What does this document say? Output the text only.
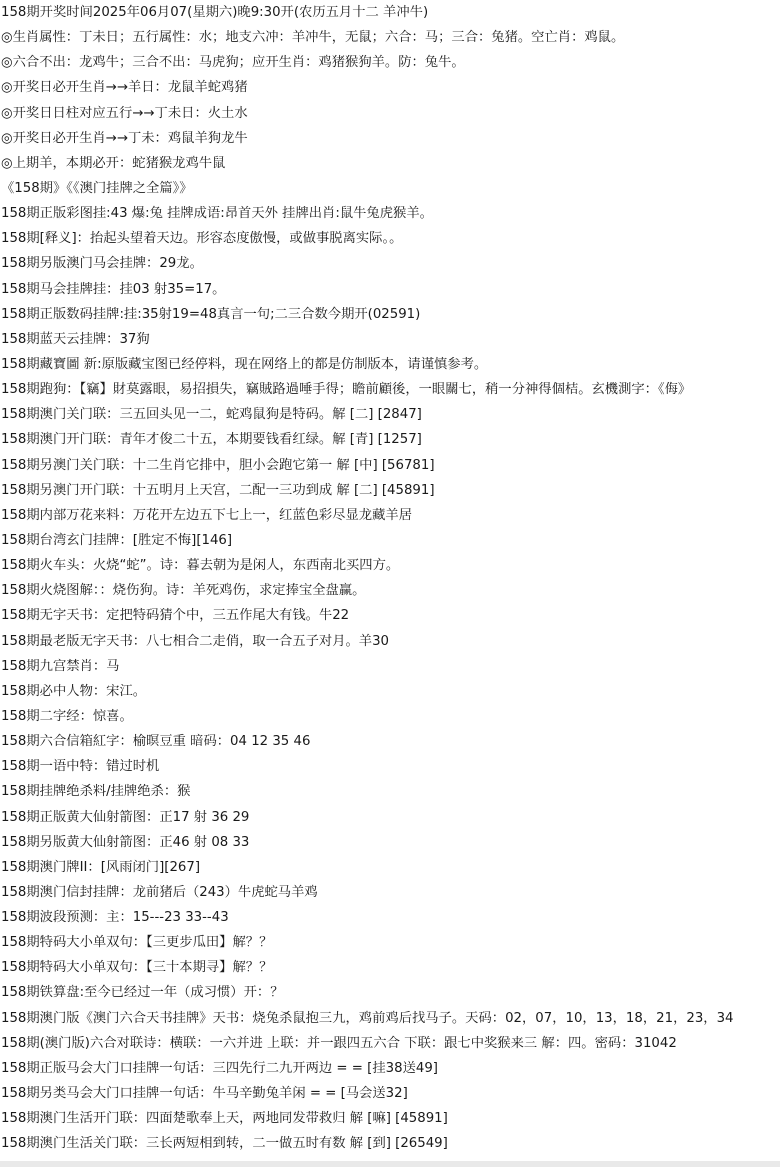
158期开奖时间2025年06月07(星期六)晚9:30开(农历五月十二 羊冲牛)
◎生肖属性：丁未日；五行属性：水；地支六冲：羊冲牛，无鼠；六合：马；三合：兔猪。空亡肖：鸡鼠。
◎六合不出：龙鸡牛；三合不出：马虎狗；应开生肖：鸡猪猴狗羊。防：兔牛。
◎开奖日必开生肖→→羊日：龙鼠羊蛇鸡猪
◎开奖日日柱对应五行→→丁未日：火土水
◎开奖日必开生肖→→丁未：鸡鼠羊狗龙牛
◎上期羊，本期必开：蛇猪猴龙鸡牛鼠
《158期》《《澳门挂牌之全篇》》
158期正版彩图挂:43 爆:兔 挂牌成语:昂首天外 挂牌出肖:鼠牛兔虎猴羊。
158期[释义]：抬起头望着天边。形容态度傲慢，或做事脱离实际。。
158期另版澳门马会挂牌：29龙。
158期马会挂牌挂：挂03 射35=17。
158期正版数码挂牌:挂:35射19=48真言一句;二三合数今期开(02591)
158期蓝天云挂牌：37狗
158期藏寶圖 新:原版藏宝图已经停料，现在网络上的都是仿制版本，请谨慎参考。
158期跑狗：【竊】財莫露眼，易招損失，竊賊路過唾手得；瞻前顧後，一眼關七，稍一分神得個桔。玄機測字：《侮》
158期澳门关门联：三五回头见一二，蛇鸡鼠狗是特码。解 [二] [2847]
158期澳门开门联：青年才俊二十五，本期要钱看红绿。解 [青] [1257]
158期另澳门关门联：十二生肖它排中，胆小会跑它第一 解 [中] [56781]
158期另澳门开门联：十五明月上天宫，二配一三功到成 解 [二] [45891]
158期内部万花来料：万花开左边五下七上一，红蓝色彩尽显龙藏羊居
158期台湾玄门挂牌：[胜定不悔][146]
158期火车头：火烧“蛇”。诗：暮去朝为是闲人，东西南北买四方。
158期火烧图解：：烧伤狗。诗：羊死鸡伤，求定捧宝全盘赢。
158期无字天书：定把特码猜个中，三五作尾大有钱。牛22
158期最老版无字天书：八七相合二走俏，取一合五子对月。羊30
158期九宫禁肖：马
158期必中人物：宋江。
158期二字经：惊喜。
158期六合信箱紅字：榆暝豆重 暗码：04 12 35 46
158期一语中特：错过时机
158期挂牌绝杀料/挂牌绝杀：猴
158期正版黄大仙射箭图：正17 射 36 29
158期另版黄大仙射箭图：正46 射 08 33
158期澳门牌II：[风雨闭门][267]
158期澳门信封挂牌：龙前猪后（243）牛虎蛇马羊鸡
158期波段预测：主：15---23 33--43
158期特码大小单双句：【三更步瓜田】解？？
158期特码大小单双句：【三十本期寻】解？？
158期铁算盘:至今已经过一年（成习惯）开：？
158期澳门版《澳门六合天书挂牌》天书：烧兔杀鼠抱三九，鸡前鸡后找马子。天码：02，07，10，13，18，21，23，34
158期(澳门版)六合对联诗：横联：一六并进 上联：并一跟四五六合 下联：跟七中奖猴来三 解：四。密码：31042
158期正版马会大门口挂牌一句话：三四先行二九开两边 = = [挂38送49]
158期另类马会大门口挂牌一句话：牛马辛勤兔羊闲 = = [马会送32]
158期澳门生活开门联：四面楚歌奉上天，两地同发带救归 解 [嘛] [45891]
158期澳门生活关门联：三长两短相到转，二一做五时有数 解 [到] [26549]
